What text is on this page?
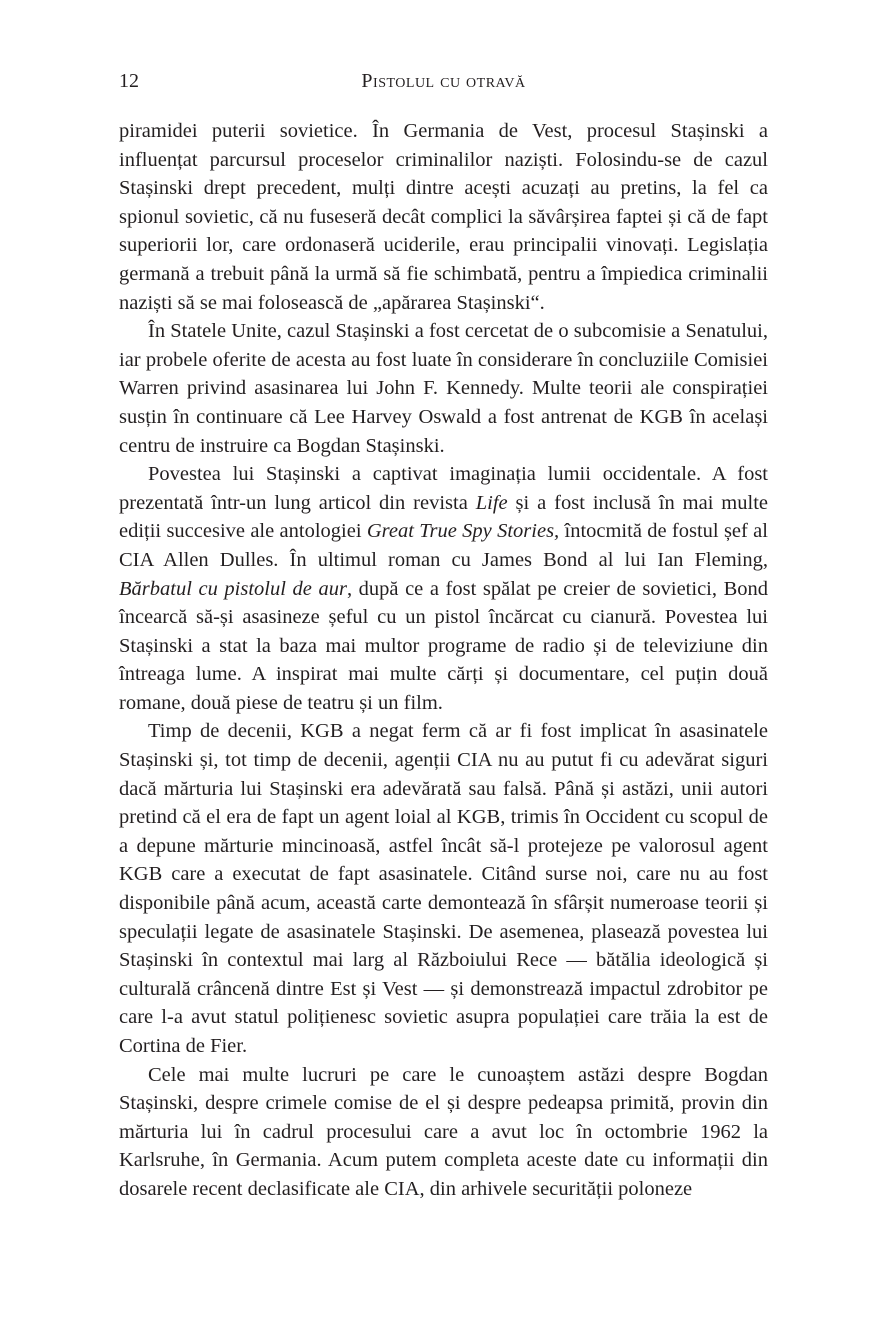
12	Pistolul cu otravă

piramidei puterii sovietice. În Germania de Vest, procesul Stașinski a influențat parcursul proceselor criminalilor naziști. Folosindu-se de cazul Stașinski drept precedent, mulți dintre acești acuzați au pretins, la fel ca spionul sovietic, că nu fuseseră decât complici la săvârșirea faptei și că de fapt superiorii lor, care ordonaseră uciderile, erau principalii vinovați. Legislația germană a trebuit până la urmă să fie schimbată, pentru a împiedica criminalii naziști să se mai folosească de „apărarea Stașinski“.

În Statele Unite, cazul Stașinski a fost cercetat de o subcomisie a Senatului, iar probele oferite de acesta au fost luate în considerare în concluziile Comisiei Warren privind asasinarea lui John F. Kennedy. Multe teorii ale conspirației susțin în continuare că Lee Harvey Oswald a fost antrenat de KGB în același centru de instruire ca Bogdan Stașinski.

Povestea lui Stașinski a captivat imaginația lumii occidentale. A fost prezentată într-un lung articol din revista Life și a fost inclusă în mai multe ediții succesive ale antologiei Great True Spy Stories, întocmită de fostul șef al CIA Allen Dulles. În ultimul roman cu James Bond al lui Ian Fleming, Bărbatul cu pistolul de aur, după ce a fost spălat pe creier de sovietici, Bond încearcă să-și asasineze șeful cu un pistol încărcat cu cianură. Povestea lui Stașinski a stat la baza mai multor programe de radio și de televiziune din întreaga lume. A inspirat mai multe cărți și documentare, cel puțin două romane, două piese de teatru și un film.

Timp de decenii, KGB a negat ferm că ar fi fost implicat în asasinatele Stașinski și, tot timp de decenii, agenții CIA nu au putut fi cu adevărat siguri dacă mărturia lui Stașinski era adevărată sau falsă. Până și astăzi, unii autori pretind că el era de fapt un agent loial al KGB, trimis în Occident cu scopul de a depune mărturie mincinoasă, astfel încât să-l protejeze pe valorosul agent KGB care a executat de fapt asasinatele. Citând surse noi, care nu au fost disponibile până acum, această carte demontează în sfârșit numeroase teorii și speculații legate de asasinatele Stașinski. De asemenea, plasează povestea lui Stașinski în contextul mai larg al Războiului Rece — bătălia ideologică și culturală crâncenă dintre Est și Vest — și demonstrează impactul zdrobitor pe care l-a avut statul polițienesc sovietic asupra populației care trăia la est de Cortina de Fier.

Cele mai multe lucruri pe care le cunoaștem astăzi despre Bogdan Stașinski, despre crimele comise de el și despre pedeapsa primită, provin din mărturia lui în cadrul procesului care a avut loc în octombrie 1962 la Karlsruhe, în Germania. Acum putem completa aceste date cu informații din dosarele recent declasificate ale CIA, din arhivele securității poloneze
